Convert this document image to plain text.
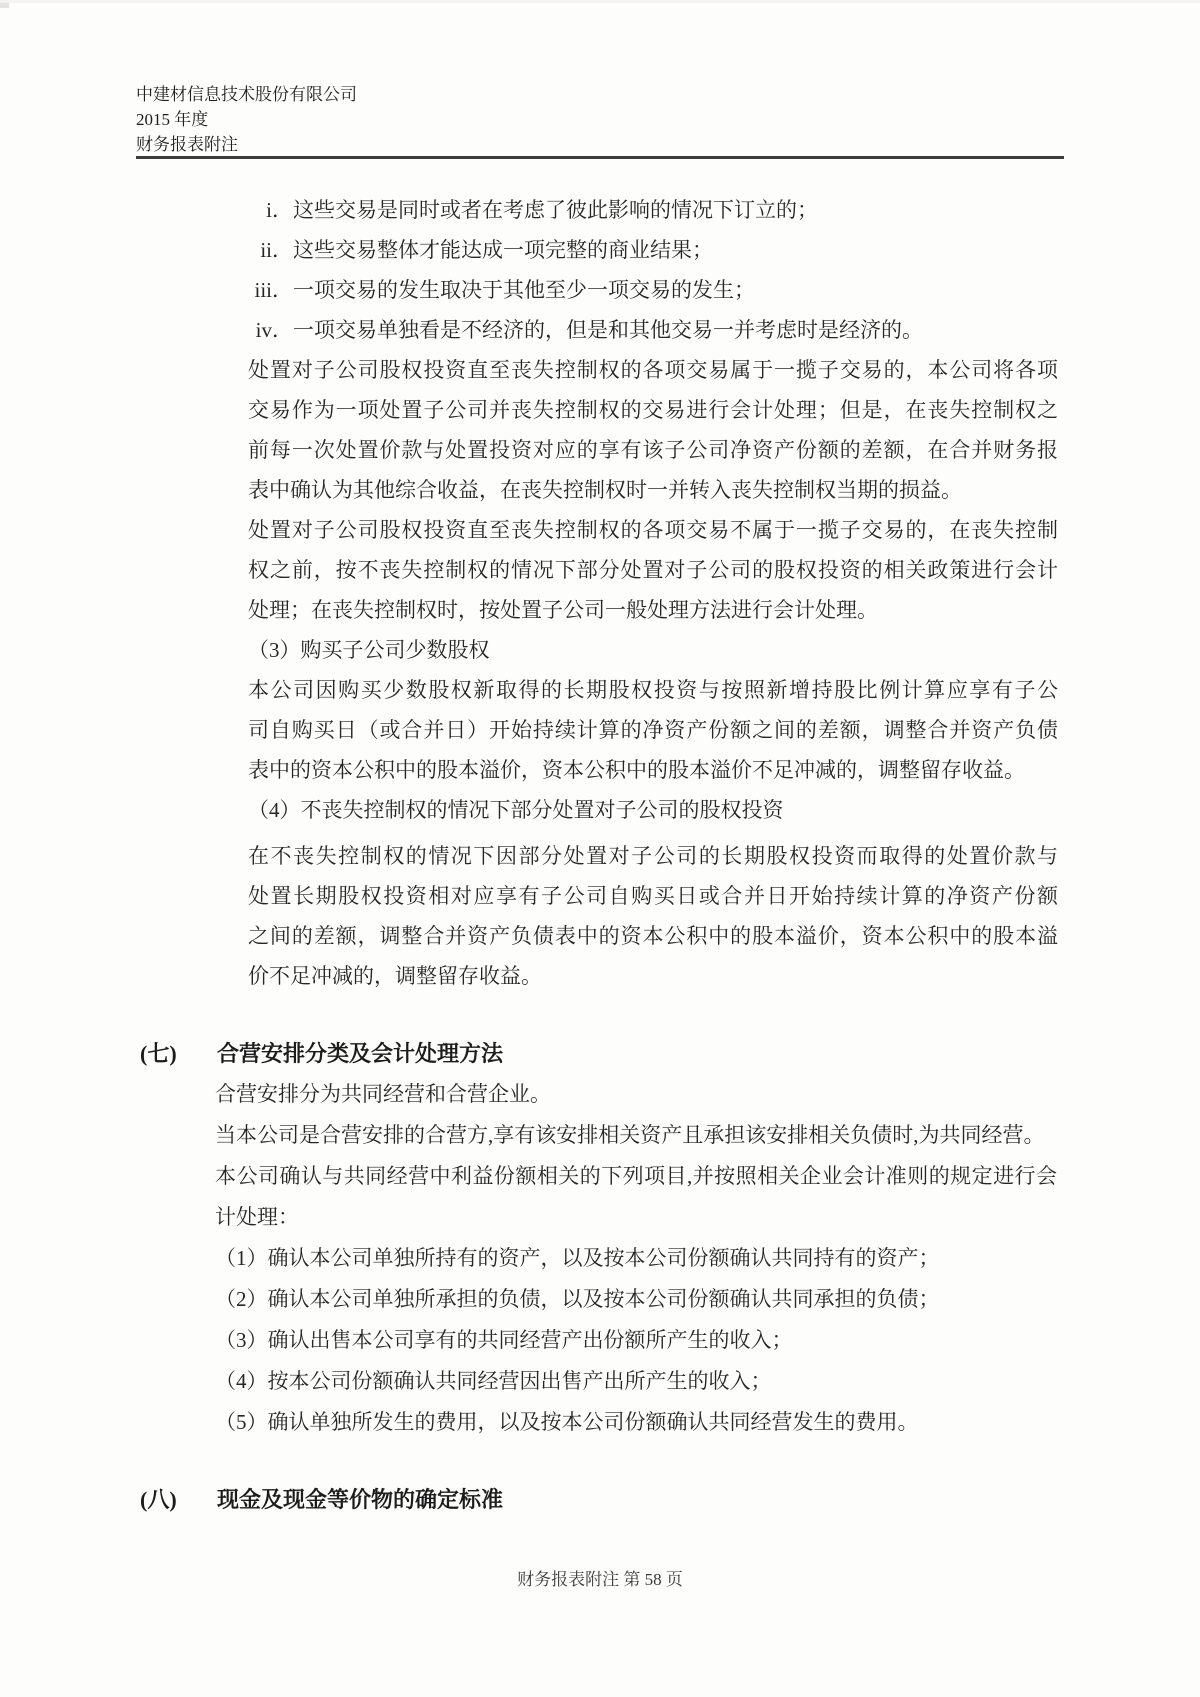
中建材信息技术股份有限公司
2015 年度
财务报表附注
i．这些交易是同时或者在考虑了彼此影响的情况下订立的；
ii．这些交易整体才能达成一项完整的商业结果；
iii．一项交易的发生取决于其他至少一项交易的发生；
iv．一项交易单独看是不经济的，但是和其他交易一并考虑时是经济的。
处置对子公司股权投资直至丧失控制权的各项交易属于一揽子交易的，本公司将各项
交易作为一项处置子公司并丧失控制权的交易进行会计处理；但是，在丧失控制权之
前每一次处置价款与处置投资对应的享有该子公司净资产份额的差额，在合并财务报
表中确认为其他综合收益，在丧失控制权时一并转入丧失控制权当期的损益。
处置对子公司股权投资直至丧失控制权的各项交易不属于一揽子交易的，在丧失控制
权之前，按不丧失控制权的情况下部分处置对子公司的股权投资的相关政策进行会计
处理；在丧失控制权时，按处置子公司一般处理方法进行会计处理。
（3）购买子公司少数股权
本公司因购买少数股权新取得的长期股权投资与按照新增持股比例计算应享有子公
司自购买日（或合并日）开始持续计算的净资产份额之间的差额，调整合并资产负债
表中的资本公积中的股本溢价，资本公积中的股本溢价不足冲减的，调整留存收益。
（4）不丧失控制权的情况下部分处置对子公司的股权投资
在不丧失控制权的情况下因部分处置对子公司的长期股权投资而取得的处置价款与
处置长期股权投资相对应享有子公司自购买日或合并日开始持续计算的净资产份额
之间的差额，调整合并资产负债表中的资本公积中的股本溢价，资本公积中的股本溢
价不足冲减的，调整留存收益。
(七) 合营安排分类及会计处理方法
合营安排分为共同经营和合营企业。
当本公司是合营安排的合营方,享有该安排相关资产且承担该安排相关负债时,为共同经营。
本公司确认与共同经营中利益份额相关的下列项目,并按照相关企业会计准则的规定进行会
计处理：
（1）确认本公司单独所持有的资产，以及按本公司份额确认共同持有的资产；
（2）确认本公司单独所承担的负债，以及按本公司份额确认共同承担的负债；
（3）确认出售本公司享有的共同经营产出份额所产生的收入；
（4）按本公司份额确认共同经营因出售产出所产生的收入；
（5）确认单独所发生的费用，以及按本公司份额确认共同经营发生的费用。
(八) 现金及现金等价物的确定标准
财务报表附注 第 58 页
